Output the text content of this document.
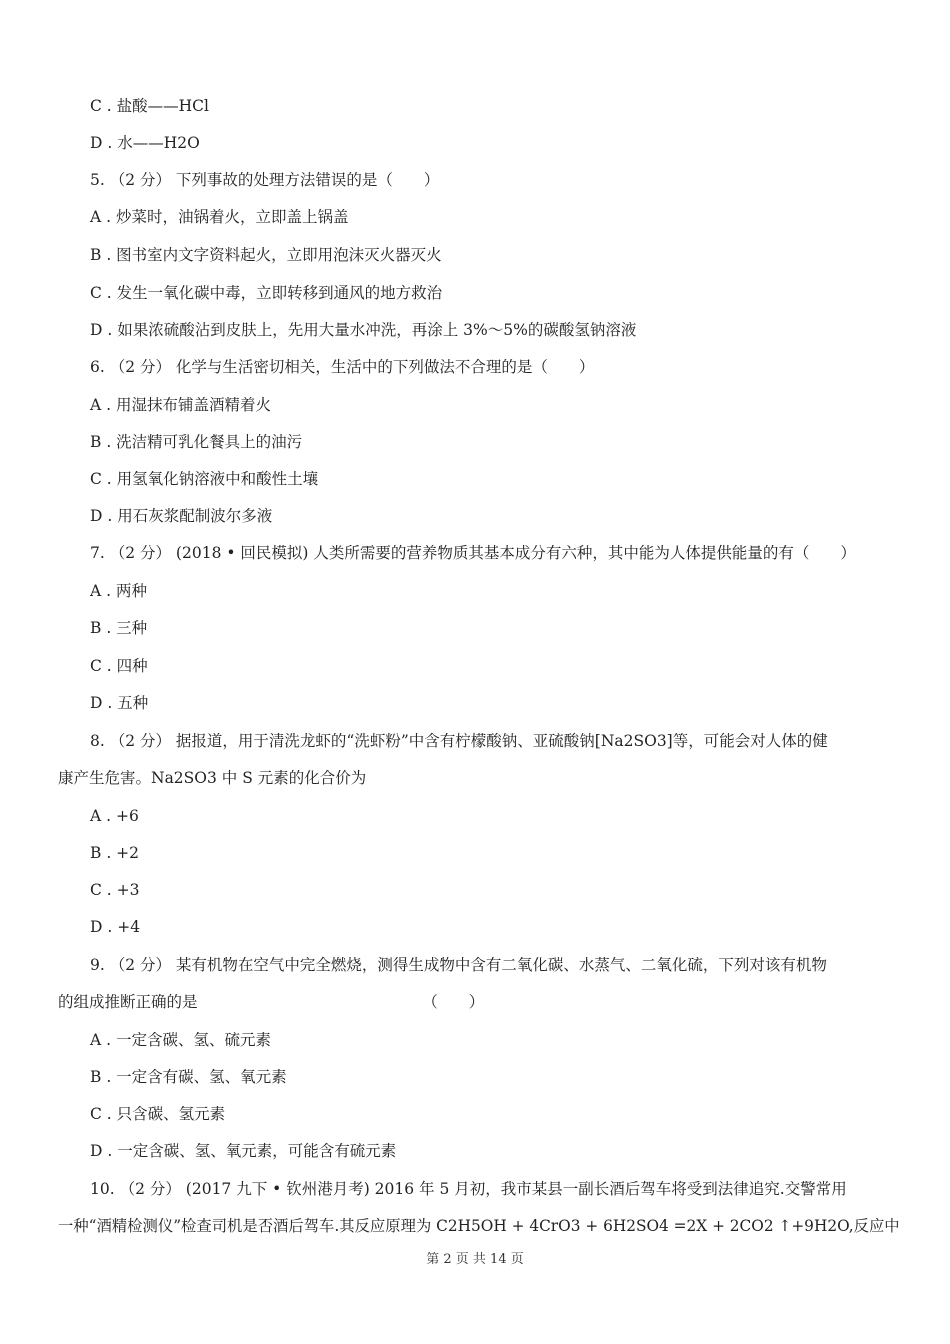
C . 盐酸——HCl
D . 水——H2O
5. （2 分） 下列事故的处理方法错误的是（　　）
A . 炒菜时，油锅着火，立即盖上锅盖
B . 图书室内文字资料起火，立即用泡沫灭火器灭火
C . 发生一氧化碳中毒，立即转移到通风的地方救治
D . 如果浓硫酸沾到皮肤上，先用大量水冲洗，再涂上 3%～5%的碳酸氢钠溶液
6. （2 分） 化学与生活密切相关，生活中的下列做法不合理的是（　　）
A . 用湿抹布铺盖酒精着火
B . 洗洁精可乳化餐具上的油污
C . 用氢氧化钠溶液中和酸性土壤
D . 用石灰浆配制波尔多液
7. （2 分） (2018 • 回民模拟) 人类所需要的营养物质其基本成分有六种，其中能为人体提供能量的有（　　）
A . 两种
B . 三种
C . 四种
D . 五种
8. （2 分） 据报道，用于清洗龙虾的“洗虾粉”中含有柠檬酸钠、亚硫酸钠[Na2SO3]等，可能会对人体的健
康产生危害。Na2SO3 中 S 元素的化合价为
A . +6
B . +2
C . +3
D . +4
9. （2 分） 某有机物在空气中完全燃烧，测得生成物中含有二氧化碳、水蒸气、二氧化硫，下列对该有机物
的组成推断正确的是　　　　　　　　　　　　　　　（　　）
A . 一定含碳、氢、硫元素
B . 一定含有碳、氢、氧元素
C . 只含碳、氢元素
D . 一定含碳、氢、氧元素，可能含有硫元素
10. （2 分） (2017 九下 • 钦州港月考) 2016 年 5 月初，我市某县一副长酒后驾车将受到法律追究.交警常用
一种“酒精检测仪”检查司机是否酒后驾车.其反应原理为 C2H5OH + 4CrO3 + 6H2SO4 =2X + 2CO2 ↑+9H2O,反应中
第 2 页 共 14 页
